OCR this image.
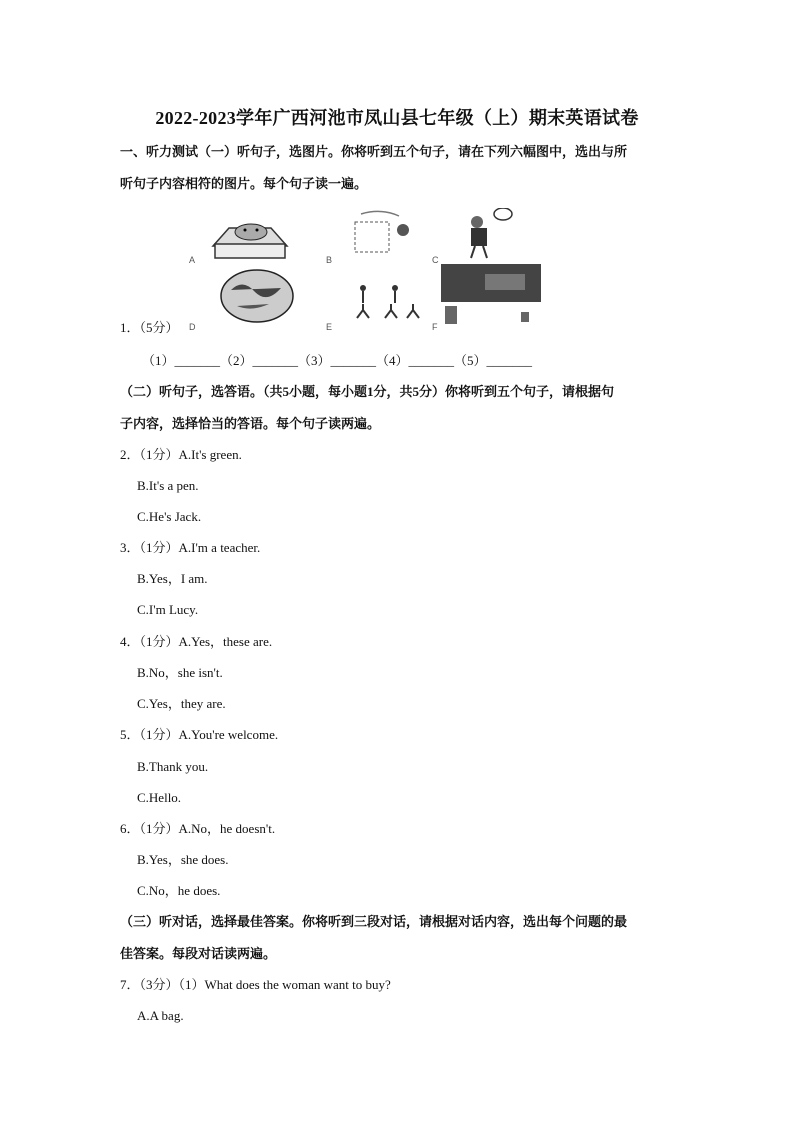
2022-2023学年广西河池市凤山县七年级（上）期末英语试卷
一、听力测试（一）听句子，选图片。你将听到五个句子，请在下列六幅图中，选出与所
听句子内容相符的图片。每个句子读一遍。
A	B	C
D	E	F
1．（5分）
（1）_______（2）_______（3）_______（4）_______（5）_______
（二）听句子，选答语。（共5小题，每小题1分，共5分）你将听到五个句子，请根据句
子内容，选择恰当的答语。每个句子读两遍。
2．（1分）A.It's green.
B.It's a pen.
C.He's Jack.
3．（1分）A.I'm a teacher.
B.Yes，I am.
C.I'm Lucy.
4．（1分）A.Yes，these are.
B.No，she isn't.
C.Yes，they are.
5．（1分）A.You're welcome.
B.Thank you.
C.Hello.
6．（1分）A.No，he doesn't.
B.Yes，she does.
C.No，he does.
（三）听对话，选择最佳答案。你将听到三段对话，请根据对话内容，选出每个问题的最
佳答案。每段对话读两遍。
7．（3分）（1）What does the woman want to buy?
A.A bag.
